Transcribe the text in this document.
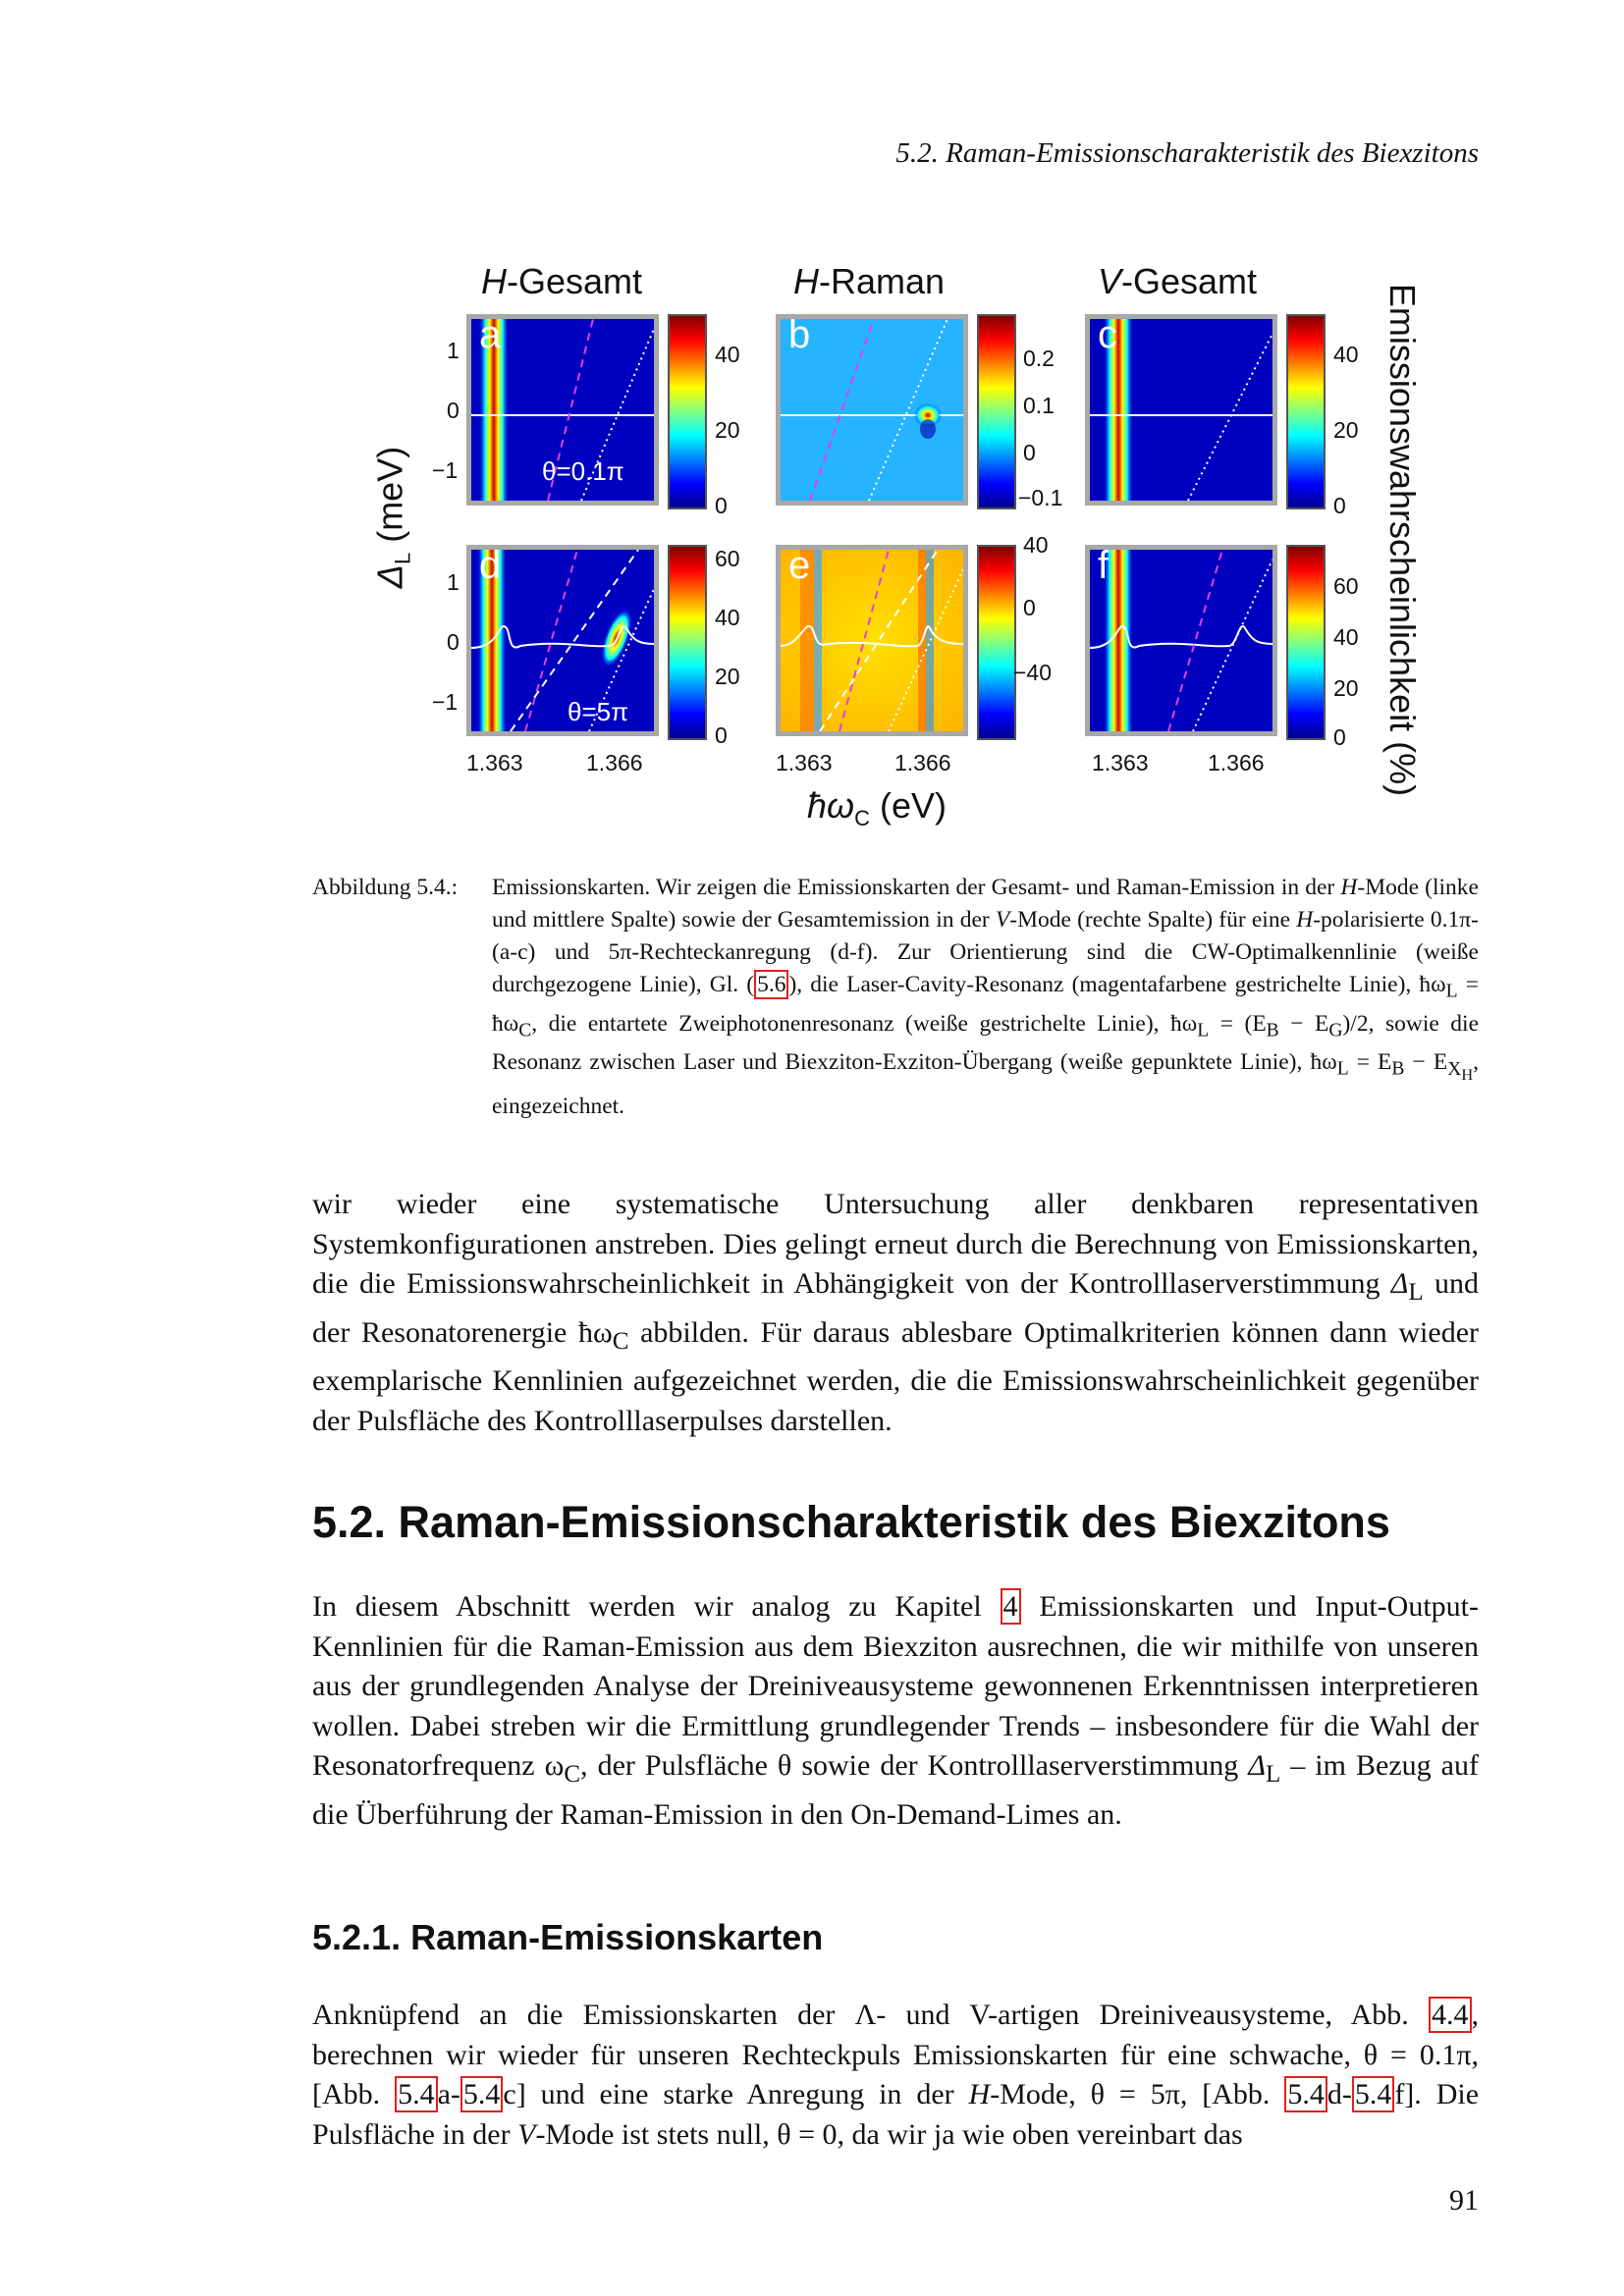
5.2. Raman-Emissionscharakteristik des Biexzitons
H-Gesamt	H-Raman	V-Gesamt
$\Delta_L$ (meV)
1
0
−1
1
0
−1
a
θ=0.1π
40
20
0
b
0.2
0.1
0
−0.1
c	40
20
0
d
θ=5π
60
40
20
0
e	40
0
−40
f	60
40
20
0
1.363	1.366	1.363	1.366	1.363	1.366
$ħ\omega_C$ (eV)
Emissionswahrscheinlichkeit (%)
Abbildung 5.4.: Emissionskarten. Wir zeigen die Emissionskarten der Gesamt- und Raman-Emission in der H-Mode (linke und mittlere Spalte) sowie der Gesamtemission in der V-Mode (rechte Spalte) für eine H-polarisierte 0.1π- (a-c) und 5π-Rechteckanregung (d-f). Zur Orientierung sind die CW-Optimalkennlinie (weiße durchgezogene Linie), Gl. ( 5.6 ), die Laser-Cavity-Resonanz (magentafarbene gestrichelte Linie), $ħ\omega_L$ = $ħ\omega_C$, die entartete Zweiphotonenresonanz (weiße gestrichelte Linie), $ħ\omega_L = (E_B - E_G)/2$, sowie die Resonanz zwischen Laser und Biexziton-Exziton-Übergang (weiße gepunktete Linie), $ħ\omega_L = E_B - E_{X_H}$, eingezeichnet.
wir wieder eine systematische Untersuchung aller denkbaren representativen Systemkonfigurationen anstreben. Dies gelingt erneut durch die Berechnung von Emissionskarten, die die Emissionswahrscheinlichkeit in Abhängigkeit von der Kontrolllaserverstimmung $\Delta_L$ und der Resonatorenergie $ħ\omega_C$ abbilden. Für daraus ablesbare Optimalkriterien können dann wieder exemplarische Kennlinien aufgezeichnet werden, die die Emissionswahrscheinlichkeit gegenüber der Pulsfläche des Kontrolllaserpulses darstellen.
5.2. Raman-Emissionscharakteristik des Biexzitons
In diesem Abschnitt werden wir analog zu Kapitel 4 Emissionskarten und Input-Output-Kennlinien für die Raman-Emission aus dem Biexziton ausrechnen, die wir mithilfe von unseren aus der grundlegenden Analyse der Dreiniveausysteme gewonnenen Erkenntnissen interpretieren wollen. Dabei streben wir die Ermittlung grundlegender Trends – insbesondere für die Wahl der Resonatorfrequenz $\omega_C$, der Pulsfläche θ sowie der Kontrolllaserverstimmung $\Delta_L$ – im Bezug auf die Überführung der Raman-Emission in den On-Demand-Limes an.
5.2.1. Raman-Emissionskarten
Anknüpfend an die Emissionskarten der Λ- und V-artigen Dreiniveausysteme, Abb. 4.4 , berechnen wir wieder für unseren Rechteckpuls Emissionskarten für eine schwache, θ = 0.1π, [Abb. 5.4 a- 5.4 c] und eine starke Anregung in der H-Mode, θ = 5π, [Abb. 5.4 d- 5.4 f]. Die Pulsfläche in der V-Mode ist stets null, θ = 0, da wir ja wie oben vereinbart das
91
